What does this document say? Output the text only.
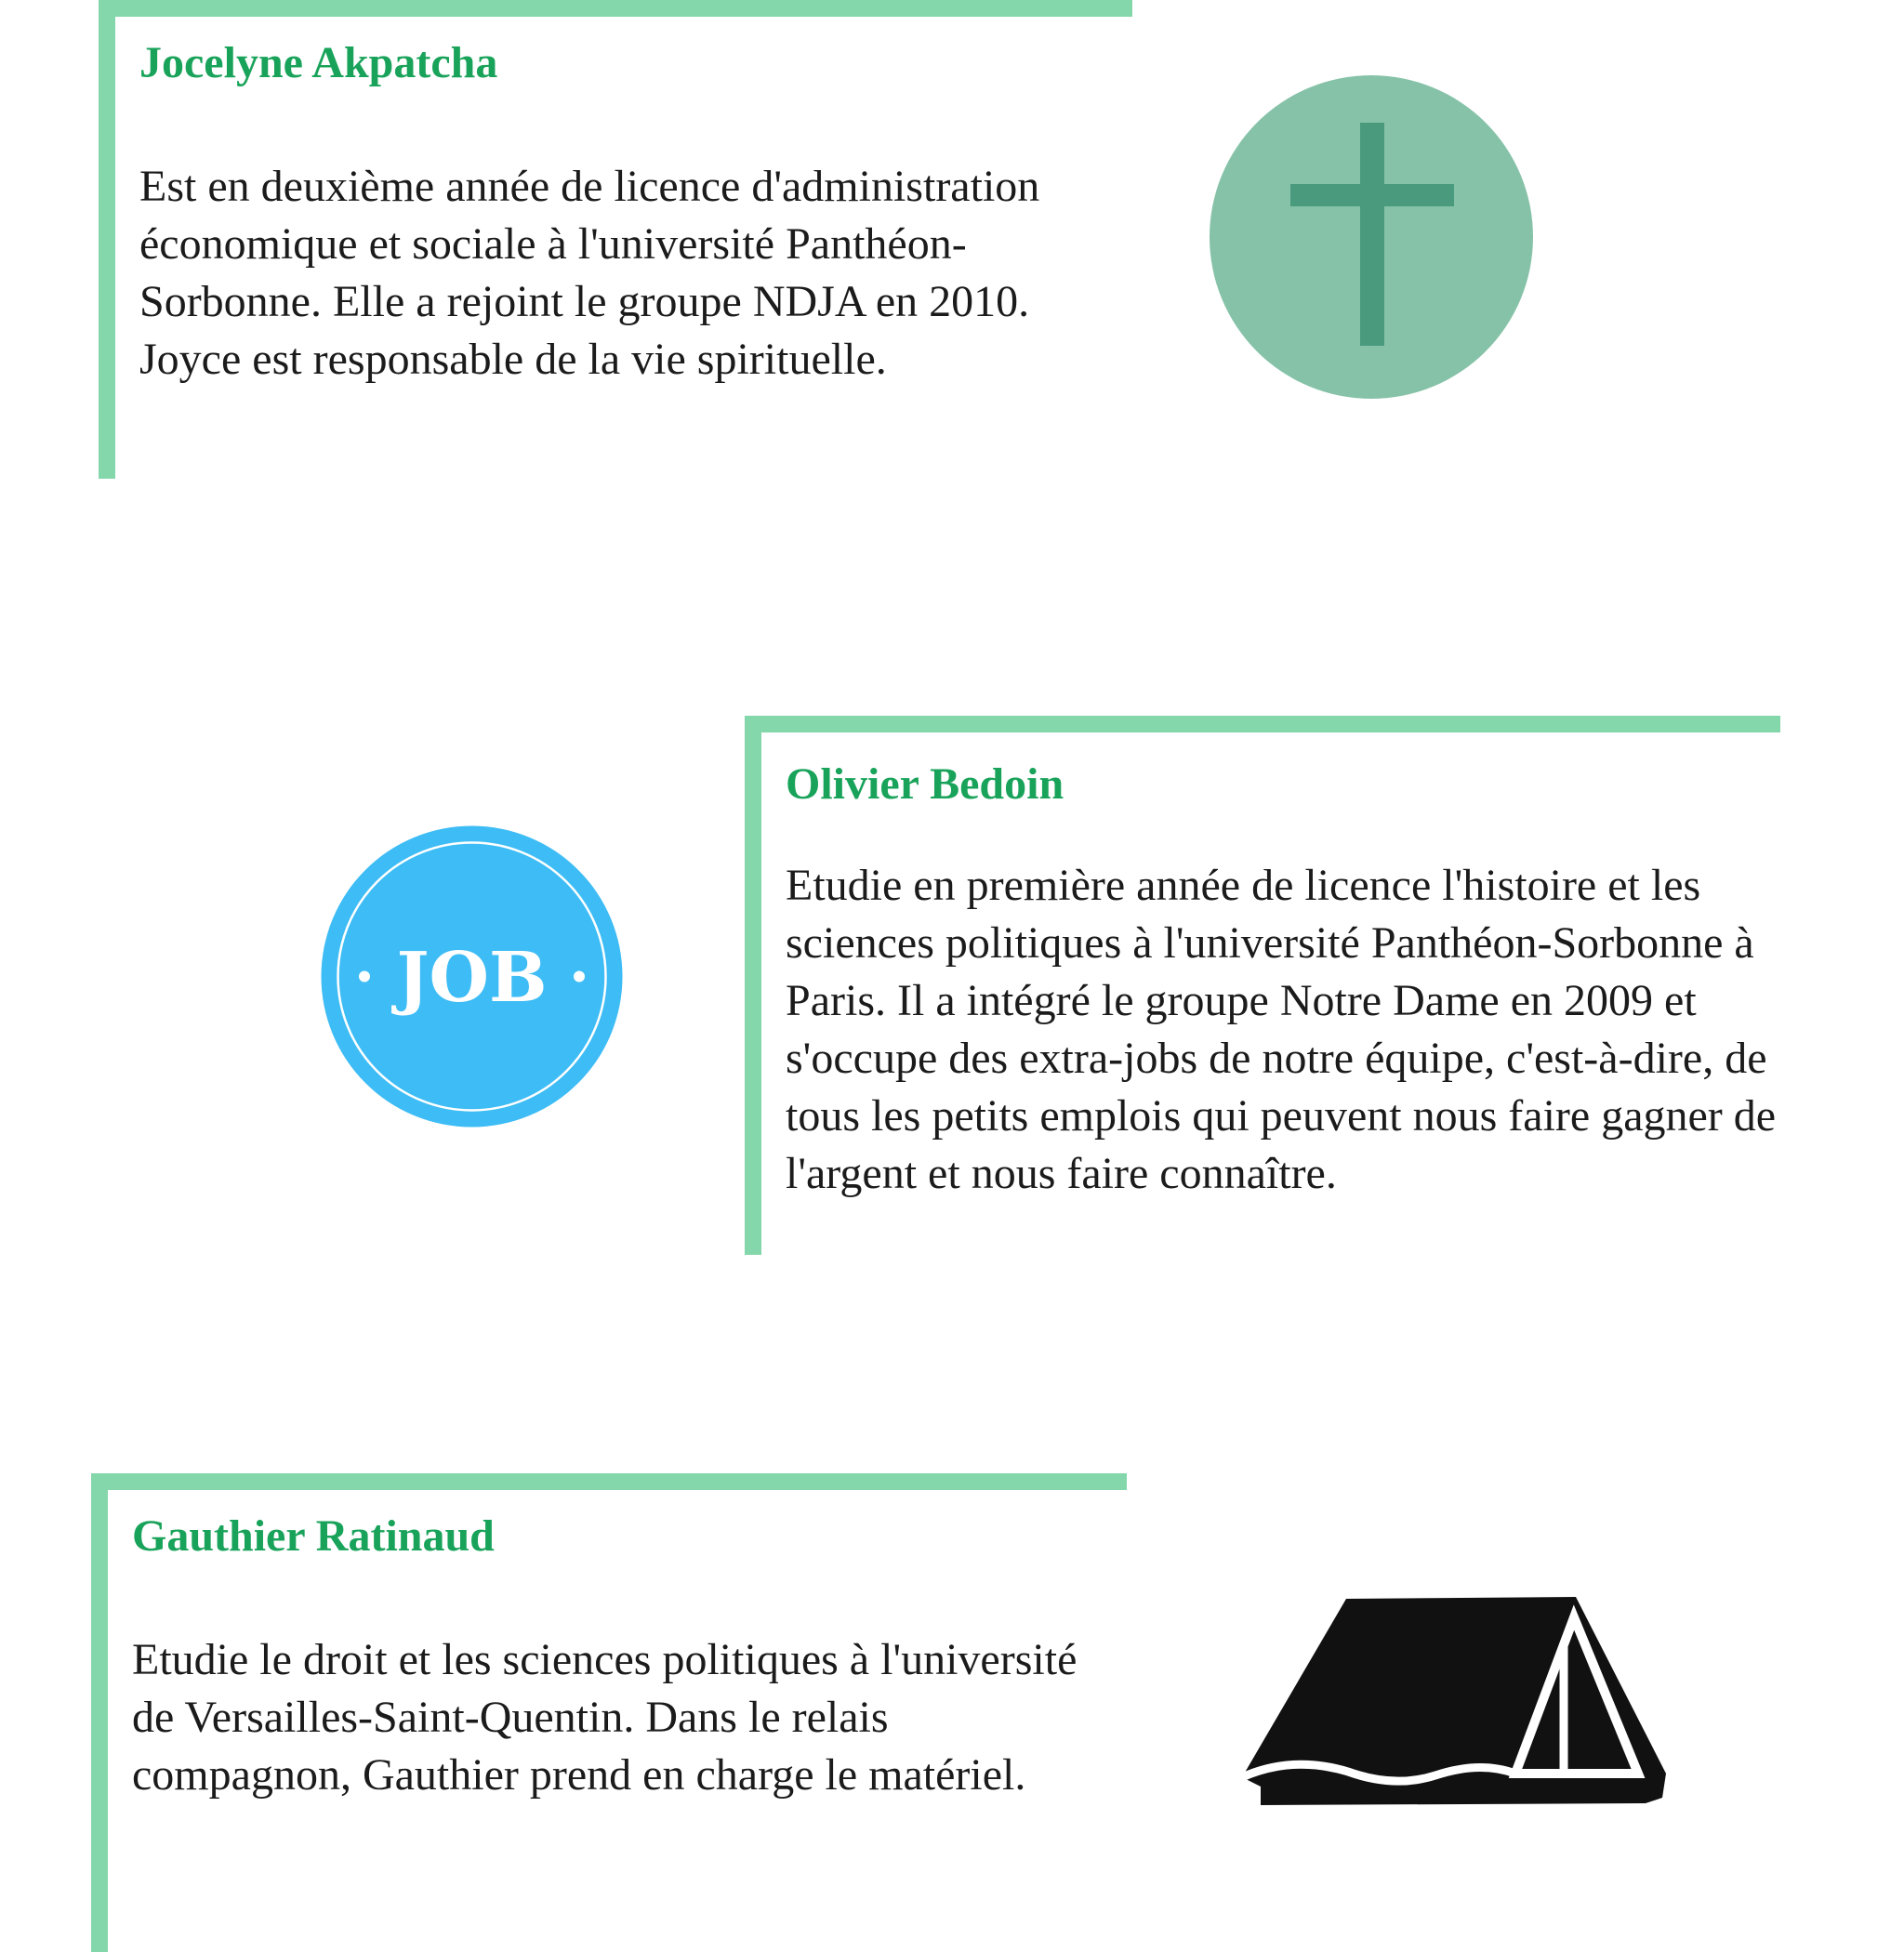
Jocelyne Akpatcha

Est en deuxième année de licence d'administration économique et sociale à l'université Panthéon-Sorbonne. Elle a rejoint le groupe NDJA en 2010. Joyce est responsable de la vie spirituelle.

Olivier Bedoin

Etudie en première année de licence l'histoire et les sciences politiques à l'université Panthéon-Sorbonne à Paris. Il a intégré le groupe Notre Dame en 2009 et s'occupe des extra-jobs de notre équipe, c'est-à-dire, de tous les petits emplois qui peuvent nous faire gagner de l'argent et nous faire connaître.

JOB
Gauthier Ratinaud

Etudie le droit et les sciences politiques à l'université de Versailles-Saint-Quentin. Dans le relais compagnon, Gauthier prend en charge le matériel.
